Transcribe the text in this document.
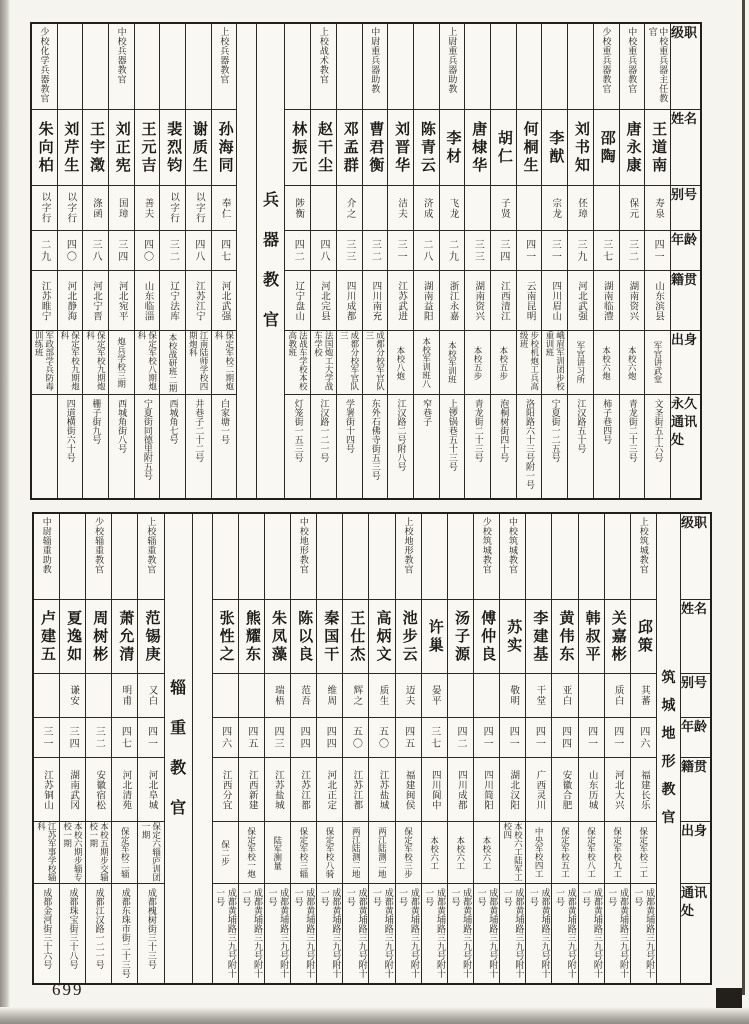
级职
姓名
别号
年龄
籍贯
出身
永久通讯处
中校重兵器主任教官
王道南
寿泉
四一
山东滨县
军官讲武堂
文圣街五十六号
中校重兵器教官
唐永康
保元
三二
湖南资兴
本校六炮
青龙街二十三号
少校重兵器教官
邵陶
三七
湖南临澧
本校六炮
柿子巷四号
刘书知
伾璋
三九
河北武强
军官讲习所
江汉路五十号
李猷
宗龙
三一
四川眉山
峨眉军训团步校重训班
宁夏街一二五号
何桐生
四一
云南昆明
步校机炮工兵高级班
洛阳路六十三号附一号
胡仁
子贤
三四
江西清江
本校五步
泡桐树街四十号
唐棣华
三三
湖南资兴
本校五步
青龙街二十三号
上尉重兵器助教
李材
飞龙
二九
浙江永嘉
本校军训班
上锣锅巷五十三号
陈青云
济成
二八
湖南益阳
本校军训班八
窄巷子
刘晋华
洁夫
三一
江苏武进
本校八炮
江汉路二号附八号
中尉重兵器助教
曹君衡
三二
四川南充
成都分校军官队三
东外石佛寺街五三号
邓孟群
介之
三三
四川成都
成都分校军官队三
学署街十四号
上校战术教官
赵干尘
四八
河北完县
法国炮工大学战车学校
江汉路一二一号
林振元
陟衡
四二
辽宁盘山
法战车学校本校高教班
灯笼街一五三号
兵
器
教
官
上校兵器教官
孙海同
奉仁
四七
河北武强
保定军校二期炮科
白家塘一号
谢质生
以字行
四八
江苏江宁
江南陆师学校四期炮科
井巷子二十二号
裴烈钧
以字行
三二
辽宁法库
本校战研班二期
西城角七号
王元吉
善夫
四〇
山东临淄
保定军校八期炮科
宁夏街同德里附五号
中校兵器教官
刘正宪
国璋
三四
河北宛平
炮兵学校三期
西城角街八号
王宇澂
涤函
三八
河北宁晋
保定军校九期炮科
栅子街九号
刘芹生
以字行
四〇
河北静海
保定军校九期炮科
四道横街六十号
少校化学兵器教官
朱向柏
以字行
二九
江苏睢宁
军政部学兵防毒训练班
级职
姓名
别号
年龄
籍贯
出身
通讯处
筑
城
地
形
教
官
上校筑城教官
邱策
其蕃
四六
福建长乐
保定军校二工
成都黄埔路三九号附十一号
关嘉彬
质白
四一
河北大兴
保定军校九工
成都黄埔路三九号附十一号
韩叔平
四一
山东历城
保定军校八工
成都黄埔路三九号附十一号
黄伟东
亚白
四四
安徽合肥
保定军校五工
成都黄埔路三九号附十一号
李建基
干堂
四一
广西灵川
中央军校四工
成都黄埔路三九号附十一号
中校筑城教官
苏实
敬明
四一
湖北汉阳
本校六工陆军工校四
成都黄埔路三九号附十一号
少校筑城教官
傅仲良
四一
四川简阳
本校六工
成都黄埔路三九号附十一号
汤子源
四二
四川成都
本校六工
成都黄埔路三九号附十一号
许巢
晏平
三七
四川阆中
本校六工
成都黄埔路三九号附十一号
上校地形教官
池步云
迈夫
四五
福建闽侯
保定军校三步
成都黄埔路三九号附十一号
高炳文
质生
五〇
江苏盐城
两江陆测二地
成都黄埔路三九号附十一号
王仕杰
辉之
五〇
江苏江都
两江陆测二地
成都黄埔路三九号附十一号
秦国干
维周
四四
河北正定
保定军校八骑
成都黄埔路三九号附十一号
中校地形教官
陈以良
范吾
四四
江苏江都
保定军校三辎
成都黄埔路三九号附十一号
朱凤藻
瑞梧
四三
江苏盐城
陆军测量
成都黄埔路三九号附十一号
熊耀东
四五
江西新建
保定军校一炮
成都黄埔路三九号附十一号
张性之
四六
江西分宜
保二步
成都黄埔路三九号附十一号
辎
重
教
官
上校辎重教官
范锡庚
又白
四一
河北阜城
保定六辎庐训团一期
成都槐树街三十三号
萧允清
明甫
四七
河北清苑
保定军校二辎
成都东珠市街二十三号
少校辎重教官
周树彬
三二
安徽宿松
本校五期步交辎校一期
成都江汉路一二一号
夏逸如
谦安
三四
湖南武冈
本校六期步辎专校一期
成都珠宝街三十八号
中尉辎重助教
卢建五
三一
江苏铜山
江苏军事学校辎科
成都金河街三十六号
699
